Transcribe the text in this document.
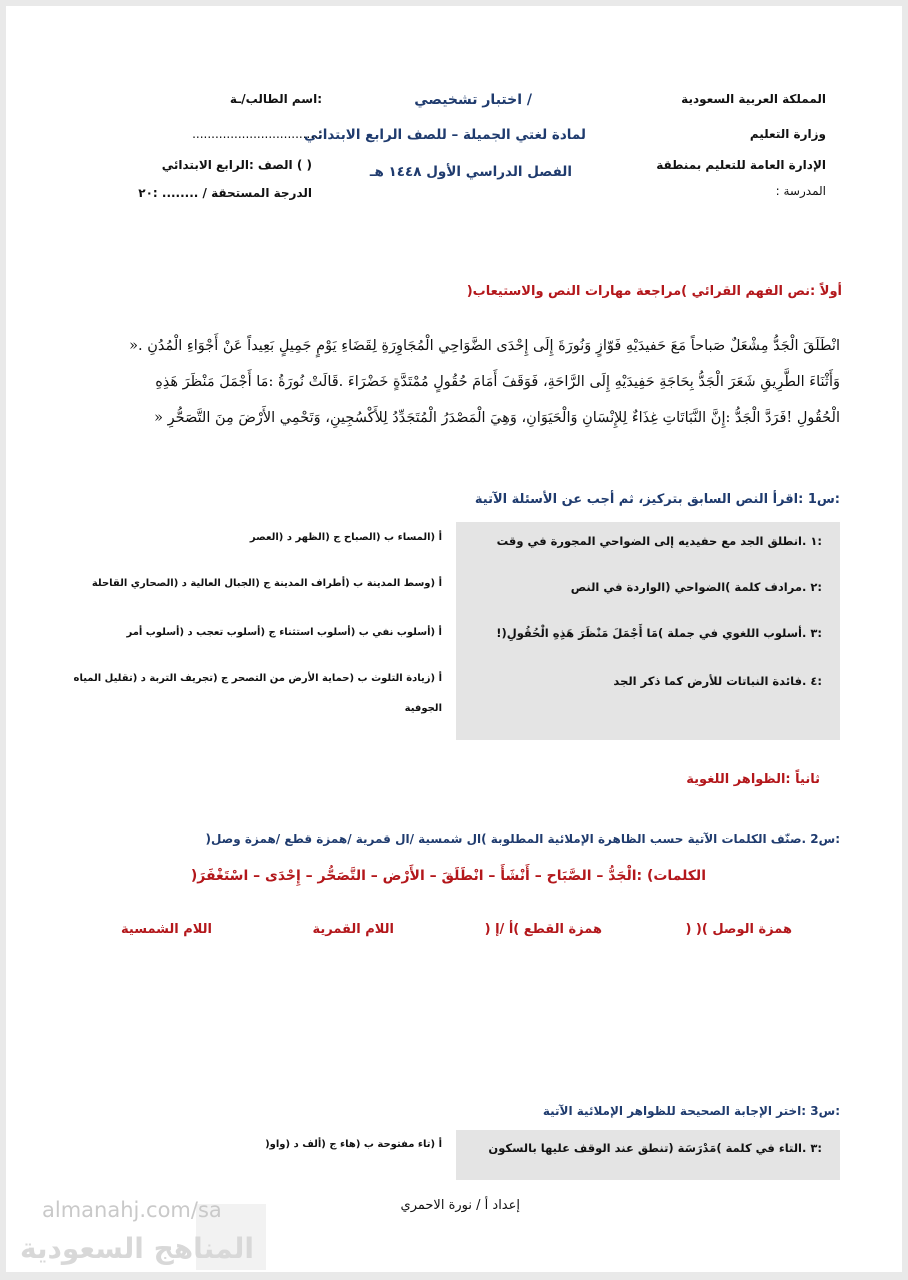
المملكة العربية السعودية
وزارة التعليم
الإدارة العامة للتعليم بمنطقة
المدرسة :
/ اختبار تشخيصي
لمادة لغتي الجميلة – للصف الرابع الابتدائي
الفصل الدراسي الأول ١٤٤٨ هـ
:اسم الطالب/ـة
:.................................
( ) الصف :الرابع الابتدائي
الدرجة المستحقة / ........ :٢٠
أولاً :نص الفهم القرائي )مراجعة مهارات النص والاستيعاب(
انْطَلَقَ الْجَدُّ مِشْعَلٌ صَباحاً مَعَ حَفيدَيْهِ فَوّازٍ وَنُورَةَ إِلَى إِحْدَى الضَّوَاحِي الْمُجَاوِرَةِ لِقَضَاءِ يَوْمٍ جَمِيلٍ بَعِيداً عَنْ أَجْوَاءِ الْمُدُنِ .«
وَأَثْنَاءَ الطَّرِيقِ شَعَرَ الْجَدُّ بِحَاجَةِ حَفِيدَيْهِ إِلَى الرَّاحَةِ، فَوَقَفَ أَمَامَ حُقُولٍ مُمْتَدَّةٍ خَضْرَاءَ .قَالَتْ نُورَةُ :مَا أَجْمَلَ مَنْظَرَ هَذِهِ
الْحُقُولِ !فَرَدَّ الْجَدُّ :إِنَّ النَّبَاتَاتِ غِذَاءٌ لِلإِنْسَانِ وَالْحَيَوَانِ، وَهِيَ الْمَصْدَرُ الْمُتَجَدِّدُ لِلأَكْسُجِينِ، وَتَحْمِي الأَرْضَ مِنَ التَّصَحُّرِ «
:س1 :اقرأ النص السابق بتركيز، ثم أجب عن الأسئلة الآتية
:١ .انطلق الجد مع حفيديه إلى الضواحي المجورة في وقت
أ (المساء ب (الصباح ج (الظهر د (العصر
:٢ .مرادف كلمة )الضواحي (الواردة في النص
أ (وسط المدينة ب (أطراف المدينة ج (الجبال العالية د (الصحاري القاحلة
:٣ .أسلوب اللغوي في جملة )مَا أَجْمَلَ مَنْظَرَ هَذِهِ الْحُقُولِ(!
أ (أسلوب نفي ب (أسلوب استثناء ج (أسلوب تعجب د (أسلوب أمر
:٤ .فائدة النباتات للأرض كما ذكر الجد
أ (زيادة التلوث ب (حماية الأرض من التصحر ج (تجريف التربة د (تقليل المياه
الجوفية
ثانياً :الظواهر اللغوية
:س2 .صنّف الكلمات الآتية حسب الظاهرة الإملائية المطلوبة )ال شمسية /ال قمرية /همزة قطع /همزة وصل(
الكلمات) :الْجَدُّ – الصَّبَاح – أَنْشَأَ – انْطَلَقَ – الأَرْض – التَّصَحُّر – إِحْدَى – اسْتَغْفَرَ(
همزة الوصل )( (
همزة القطع )أ /إ (
اللام القمرية
اللام الشمسية
:س3 :اختر الإجابة الصحيحة للظواهر الإملائية الآتية
:٣ .التاء في كلمة )مَدْرَسَة (تنطق عند الوقف عليها بالسكون
أ (تاء مفتوحة ب (هاء ج (ألف د (واو(
إعداد أ / نورة الاحمري
almanahj.com/sa
المناهج السعودية
